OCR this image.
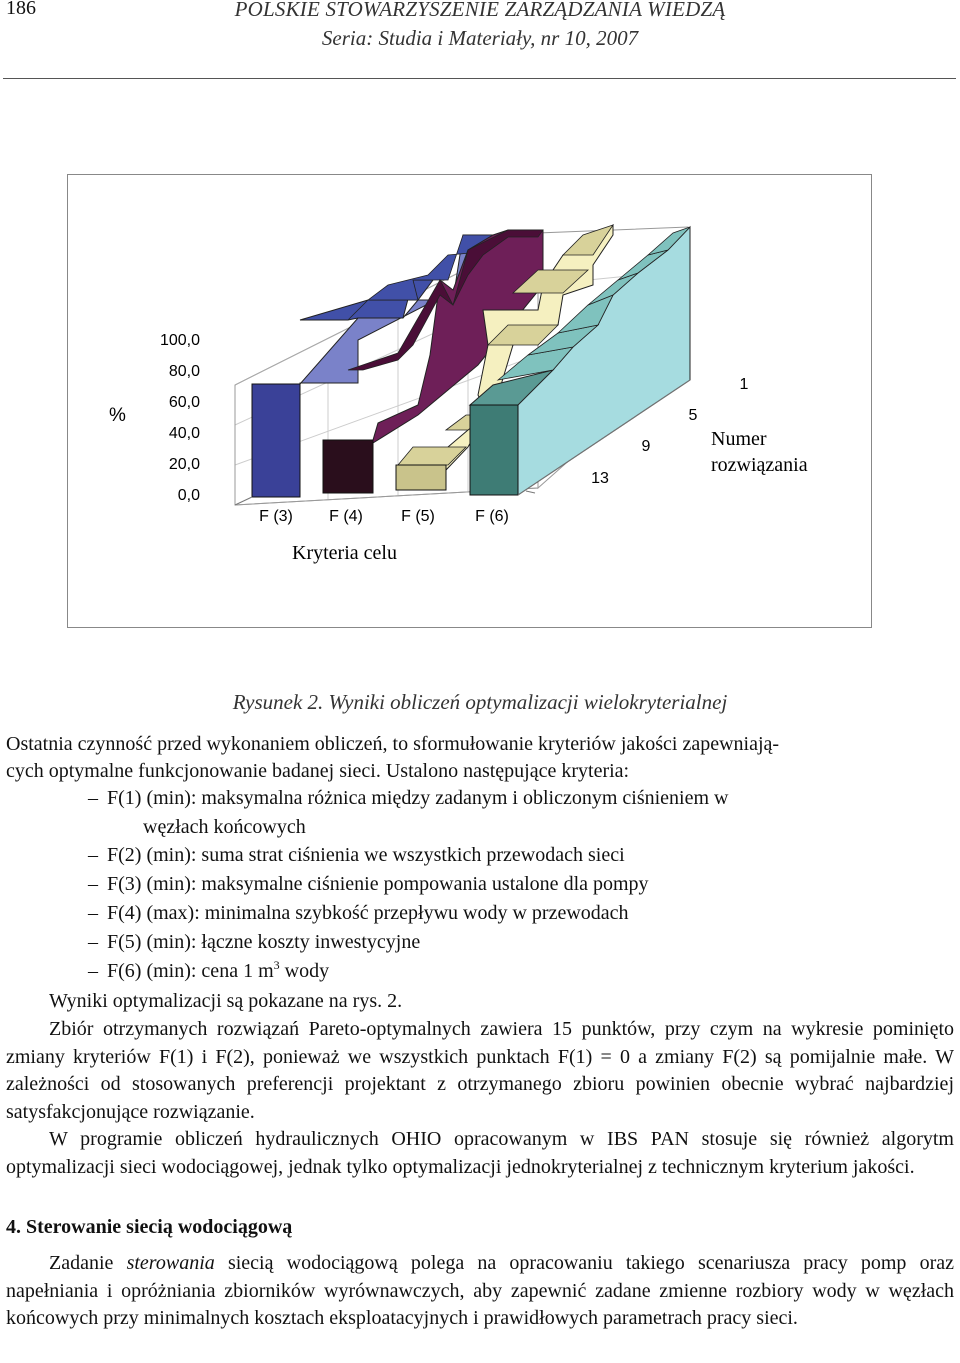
186	POLSKIE STOWARZYSZENIE ZARZĄDZANIA WIEDZĄ
Seria: Studia i Materiały, nr 10, 2007
%
100,0
80,0
60,0
40,0
20,0
0,0
F (3) F (4) F (5)	F (6)
1
5
9
13
Kryteria celu
Numer
rozwiązania
Rysunek 2. Wyniki obliczeń optymalizacji wielokryterialnej
Ostatnia czynność przed wykonaniem obliczeń, to sformułowanie kryteriów jakości zapewniają-
cych optymalne funkcjonowanie badanej sieci. Ustalono następujące kryteria:
– F(1) (min): maksymalna różnica między zadanym i obliczonym ciśnieniem w
węzłach końcowych
– F(2) (min): suma strat ciśnienia we wszystkich przewodach sieci
– F(3) (min): maksymalne ciśnienie pompowania ustalone dla pompy
– F(4) (max): minimalna szybkość przepływu wody w przewodach
– F(5) (min): łączne koszty inwestycyjne
– F(6) (min): cena 1 $m^3$ wody
Wyniki optymalizacji są pokazane na rys. 2.
Zbiór otrzymanych rozwiązań Pareto-optymalnych zawiera 15 punktów, przy czym na wykresie pominięto zmiany kryteriów F(1) i F(2), ponieważ we wszystkich punktach F(1) = 0 a zmiany F(2) są pomijalnie małe. W zależności od stosowanych preferencji projektant z otrzymanego zbioru powinien obecnie wybrać najbardziej satysfakcjonujące rozwiązanie.
W programie obliczeń hydraulicznych OHIO opracowanym w IBS PAN stosuje się również algorytm optymalizacji sieci wodociągowej, jednak tylko optymalizacji jednokryterialnej z technicznym kryterium jakości.
4. Sterowanie siecią wodociągową
Zadanie sterowania siecią wodociągową polega na opracowaniu takiego scenariusza pracy pomp oraz napełniania i opróżniania zbiorników wyrównawczych, aby zapewnić zadane zmienne rozbiory wody w węzłach końcowych przy minimalnych kosztach eksploatacyjnych i prawidłowych parametrach pracy sieci.
